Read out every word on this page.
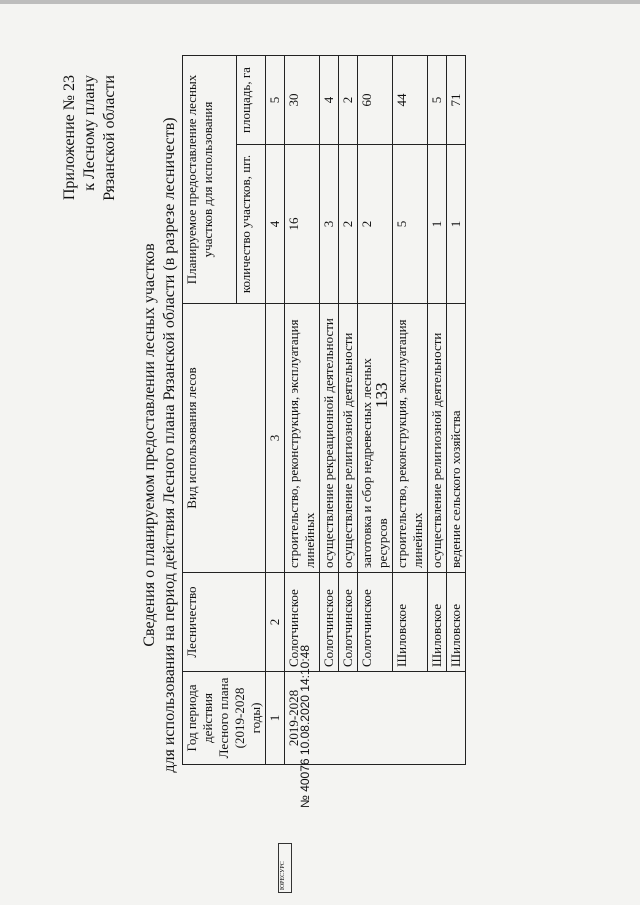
133
Приложение № 23 к Лесному плану Рязанской области
Сведения о планируемом предоставлении лесных участков для использования на период действия Лесного плана Рязанской области (в разрезе лесничеств) Год периода действия Лесного плана (2019-2028 годы)	Лесничество	Вид использования лесов	Планируемое предоставление лесных участков для использования	
			количество участков, шт.	площадь, га
1	2	3	4	5
2019-2028	Солотчинское	строительство, реконструкция, эксплуатация линейных	16	30
	Солотчинское	осуществление рекреационной деятельности	3	4
	Солотчинское	осуществление религиозной деятельности	2	2
	Солотчинское	заготовка и сбор недревесных лесных ресурсов	2	60
	Шиловское	строительство, реконструкция, эксплуатация линейных	5	44
	Шиловское	осуществление религиозной деятельности	1	5
	Шиловское	ведение сельского хозяйства	1	71
№ 40076 10.08.2020 14:10:48
ЮРЕСУРС
